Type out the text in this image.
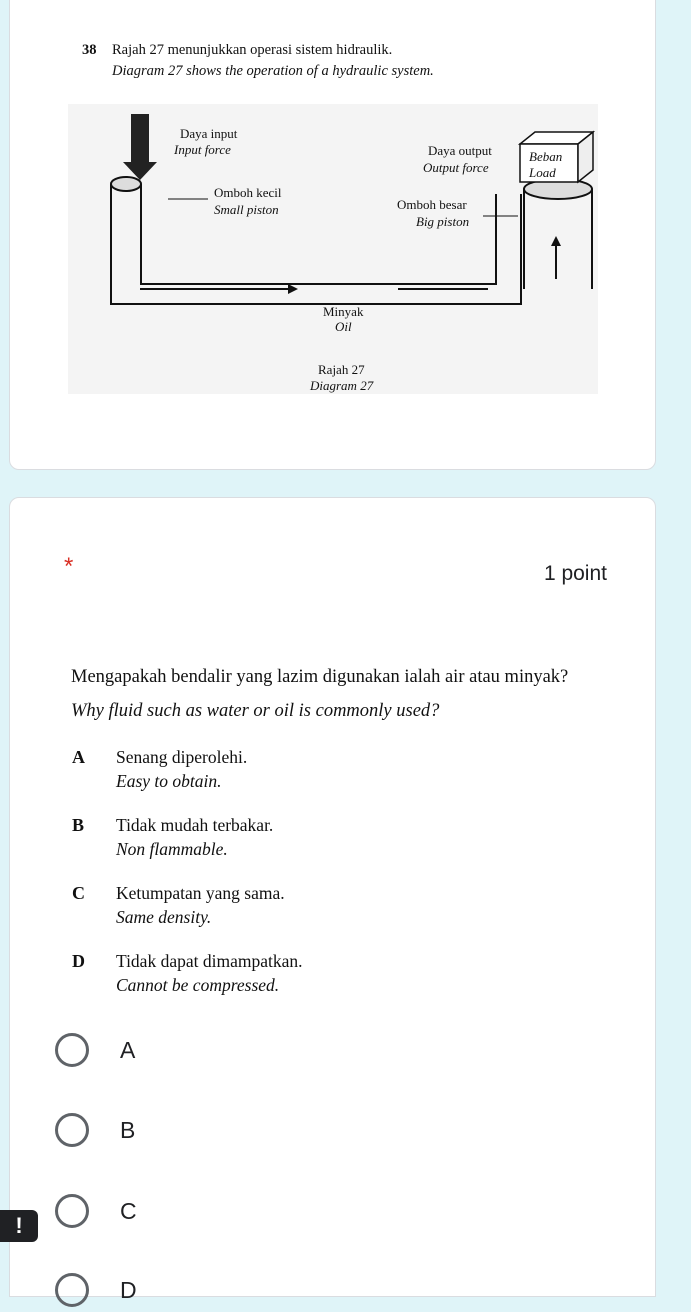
38 Rajah 27 menunjukkan operasi sistem hidraulik.
Diagram 27 shows the operation of a hydraulic system.
Daya input
Input force
Omboh kecil
Small piston
Daya output
Output force
Beban
Load
Omboh besar
Big piston
Minyak
Oil
Rajah 27
Diagram 27
*	1 point
Mengapakah bendalir yang lazim digunakan ialah air atau minyak?
Why fluid such as water or oil is commonly used?
A Senang diperolehi.
Easy to obtain.
B Tidak mudah terbakar.
Non flammable.
C Ketumpatan yang sama.
Same density.
D Tidak dapat dimampatkan.
Cannot be compressed.
A
B
C
D
!
